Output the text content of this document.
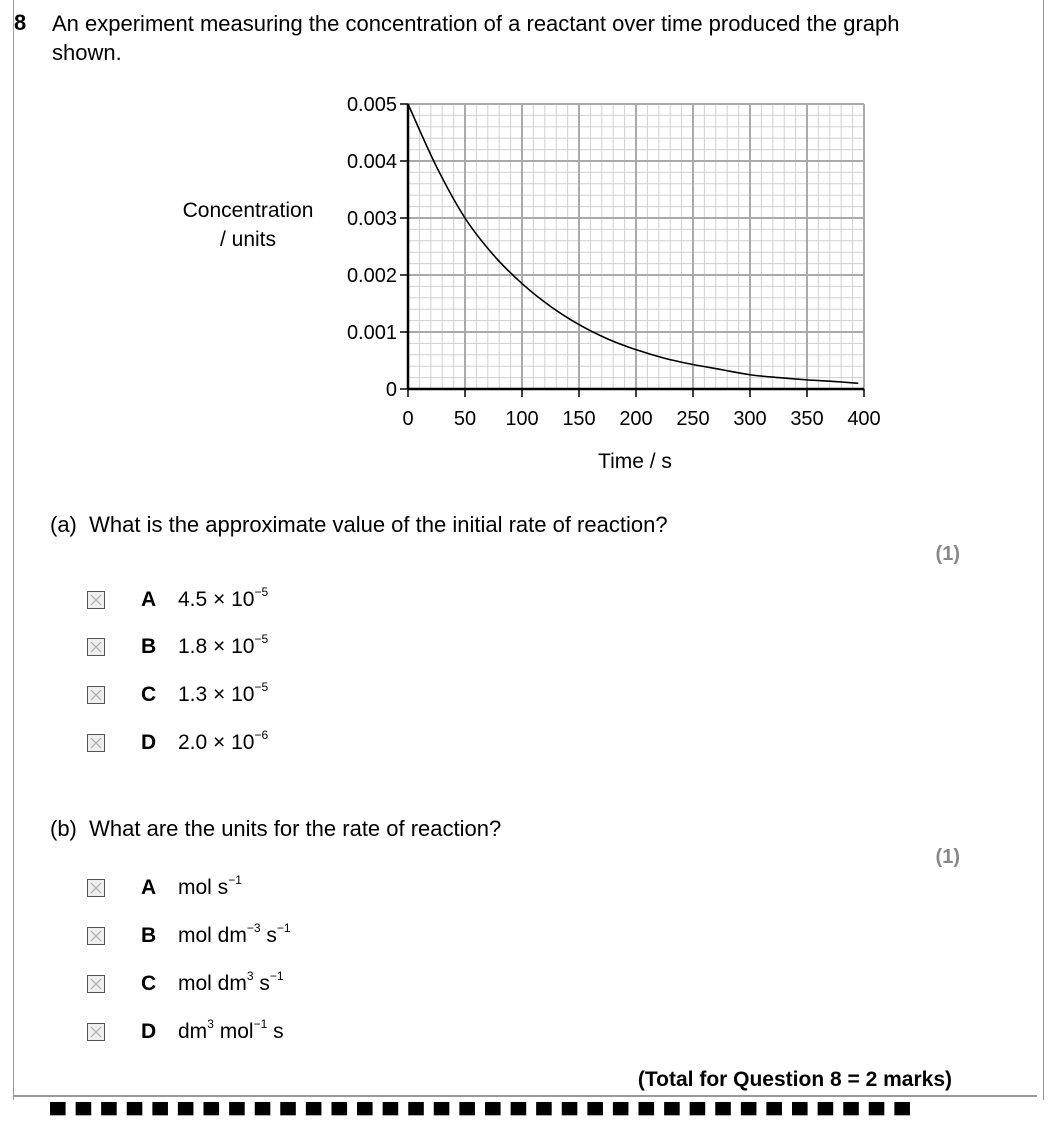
8 An experiment measuring the concentration of a reactant over time produced the graph shown.
0
0.001
0.002
0.003
0.004
0.005
0 50 100 150 200 250 300 350 400
Concentration
/ units
Time / s
(a) What is the approximate value of the initial rate of reaction?
(1)
A $4.5 \times 10^{-5}$
B $1.8 \times 10^{-5}$
C $1.3 \times 10^{-5}$
D $2.0 \times 10^{-6}$
(b) What are the units for the rate of reaction?
(1)
A mol $s^{-1}$
B mol $dm^{-3}$ $s^{-1}$
C mol $dm^3$ $s^{-1}$
D $dm^3$ mol$^{-1}$ s
(Total for Question 8 = 2 marks)
▀▀▀▀▀▀▀▀▀▀▀▀▀▀▀▀▀▀▀▀▀▀▀▀▀▀▀▀▀▀▀▀▀▀
